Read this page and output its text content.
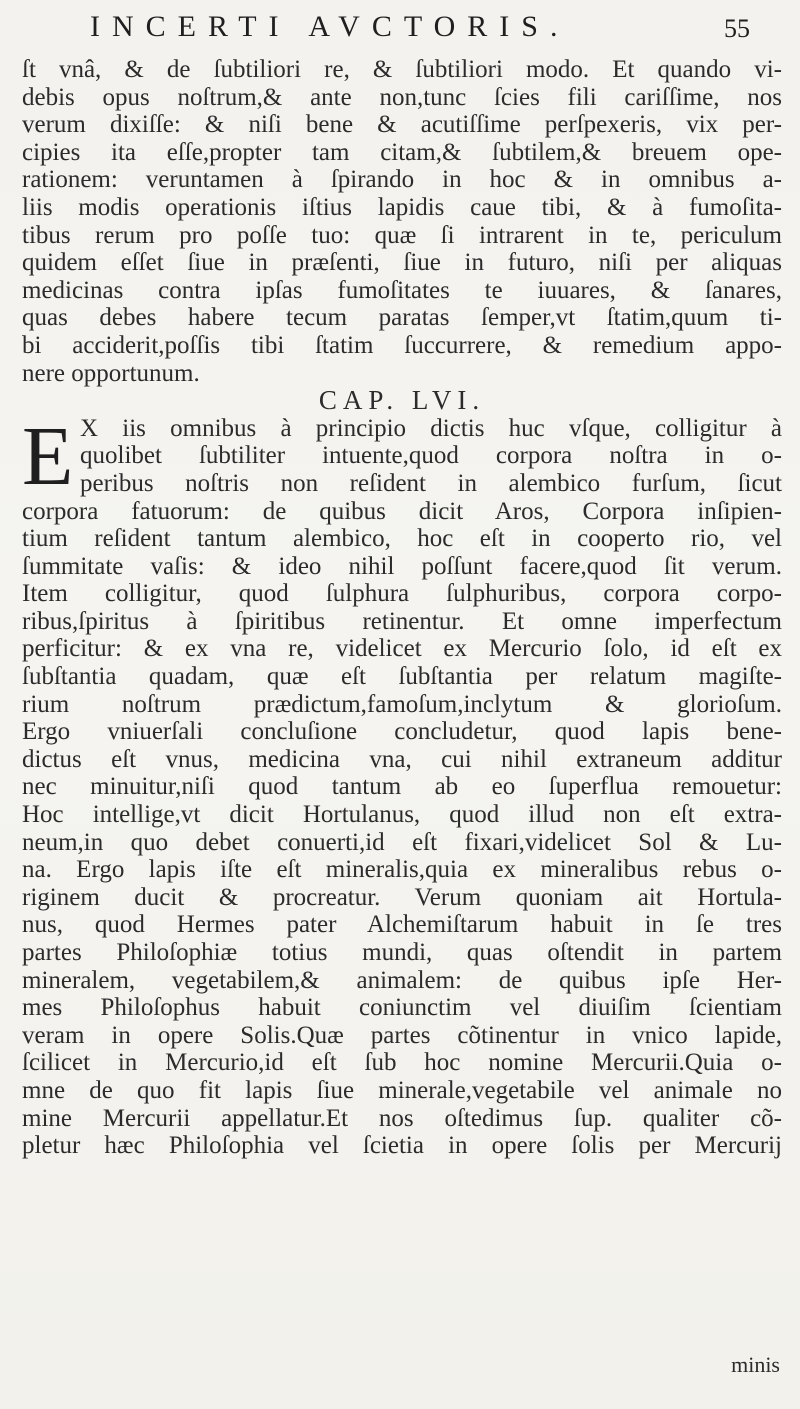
INCERTI AVCTORIS.	55
ſt vnâ, & de ſubtiliori re, & ſubtiliori modo. Et quando vi-
debis opus noſtrum,& ante non,tunc ſcies fili cariſſime, nos
verum dixiſſe: & niſi bene & acutiſſime perſpexeris, vix per-
cipies ita eſſe,propter tam citam,& ſubtilem,& breuem ope-
rationem: veruntamen à ſpirando in hoc & in omnibus a-
liis modis operationis iſtius lapidis caue tibi, & à fumoſita-
tibus rerum pro poſſe tuo: quæ ſi intrarent in te, periculum
quidem eſſet ſiue in præſenti, ſiue in futuro, niſi per aliquas
medicinas contra ipſas fumoſitates te iuuares, & ſanares,
quas debes habere tecum paratas ſemper,vt ſtatim,quum ti-
bi acciderit,poſſis tibi ſtatim ſuccurrere, & remedium appo-
nere opportunum.
CAP. LVI.
E X iis omnibus à principio dictis huc vſque, colligitur à
quolibet ſubtiliter intuente,quod corpora noſtra in o-
peribus noſtris non reſident in alembico furſum, ſicut
corpora fatuorum: de quibus dicit Aros, Corpora inſipien-
tium reſident tantum alembico, hoc eſt in cooperto rio, vel
ſummitate vaſis: & ideo nihil poſſunt facere,quod ſit verum.
Item colligitur, quod ſulphura ſulphuribus, corpora corpo-
ribus,ſpiritus à ſpiritibus retinentur. Et omne imperfectum
perficitur: & ex vna re, videlicet ex Mercurio ſolo, id eſt ex
ſubſtantia quadam, quæ eſt ſubſtantia per relatum magiſte-
rium noſtrum prædictum,famoſum,inclytum & glorioſum.
Ergo vniuerſali concluſione concludetur, quod lapis bene-
dictus eſt vnus, medicina vna, cui nihil extraneum additur
nec minuitur,niſi quod tantum ab eo ſuperflua remouetur:
Hoc intellige,vt dicit Hortulanus, quod illud non eſt extra-
neum,in quo debet conuerti,id eſt fixari,videlicet Sol & Lu-
na. Ergo lapis iſte eſt mineralis,quia ex mineralibus rebus o-
riginem ducit & procreatur. Verum quoniam ait Hortula-
nus, quod Hermes pater Alchemiſtarum habuit in ſe tres
partes Philoſophiæ totius mundi, quas oſtendit in partem
mineralem, vegetabilem,& animalem: de quibus ipſe Her-
mes Philoſophus habuit coniunctim vel diuiſim ſcientiam
veram in opere Solis.Quæ partes cõtinentur in vnico lapide,
ſcilicet in Mercurio,id eſt ſub hoc nomine Mercurii.Quia o-
mne de quo fit lapis ſiue minerale,vegetabile vel animale no
mine Mercurii appellatur.Et nos oſtedimus ſup. qualiter cõ-
pletur hæc Philoſophia vel ſcietia in opere ſolis per Mercurij
minis
